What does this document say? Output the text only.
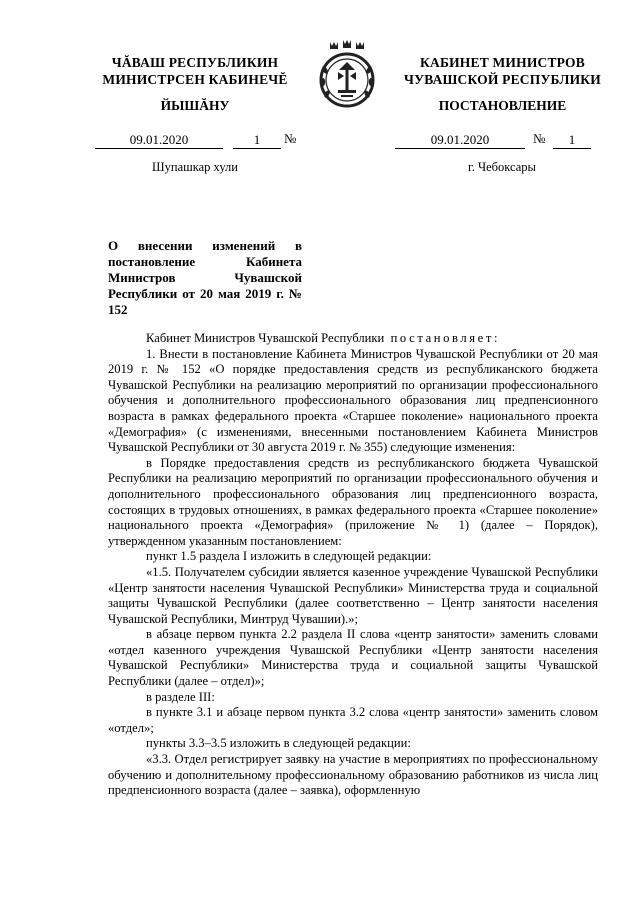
ЧĂВАШ РЕСПУБЛИКИН
МИНИСТРСЕН КАБИНЕЧĔ
ЙЫШĂНУ
КАБИНЕТ МИНИСТРОВ
ЧУВАШСКОЙ РЕСПУБЛИКИ
ПОСТАНОВЛЕНИЕ
09.01.2020	1	№	09.01.2020	№	1
Шупашкар хули	г. Чебоксары
О внесении изменений в постановление Кабинета Министров Чувашской Республики от 20 мая 2019 г. № 152

Кабинет Министров Чувашской Республики постановляет:

1. Внести в постановление Кабинета Министров Чувашской Республики от 20 мая 2019 г. № 152 «О порядке предоставления средств из республиканского бюджета Чувашской Республики на реализацию мероприятий по организации профессионального обучения и дополнительного профессионального образования лиц предпенсионного возраста в рамках федерального проекта «Старшее поколение» национального проекта «Демография» (с изменениями, внесенными постановлением Кабинета Министров Чувашской Республики от 30 августа 2019 г. № 355) следующие изменения:

в Порядке предоставления средств из республиканского бюджета Чувашской Республики на реализацию мероприятий по организации профессионального обучения и дополнительного профессионального образования лиц предпенсионного возраста, состоящих в трудовых отношениях, в рамках федерального проекта «Старшее поколение» национального проекта «Демография» (приложение № 1) (далее – Порядок), утвержденном указанным постановлением:

пункт 1.5 раздела I изложить в следующей редакции:

«1.5. Получателем субсидии является казенное учреждение Чувашской Республики «Центр занятости населения Чувашской Республики» Министерства труда и социальной защиты Чувашской Республики (далее соответственно – Центр занятости населения Чувашской Республики, Минтруд Чувашии).»;

в абзаце первом пункта 2.2 раздела II слова «центр занятости» заменить словами «отдел казенного учреждения Чувашской Республики «Центр занятости населения Чувашской Республики» Министерства труда и социальной защиты Чувашской Республики (далее – отдел)»;

в разделе III:

в пункте 3.1 и абзаце первом пункта 3.2 слова «центр занятости» заменить словом «отдел»;

пункты 3.3–3.5 изложить в следующей редакции:

«3.3. Отдел регистрирует заявку на участие в мероприятиях по профессиональному обучению и дополнительному профессиональному образованию работников из числа лиц предпенсионного возраста (далее – заявка), оформленную
